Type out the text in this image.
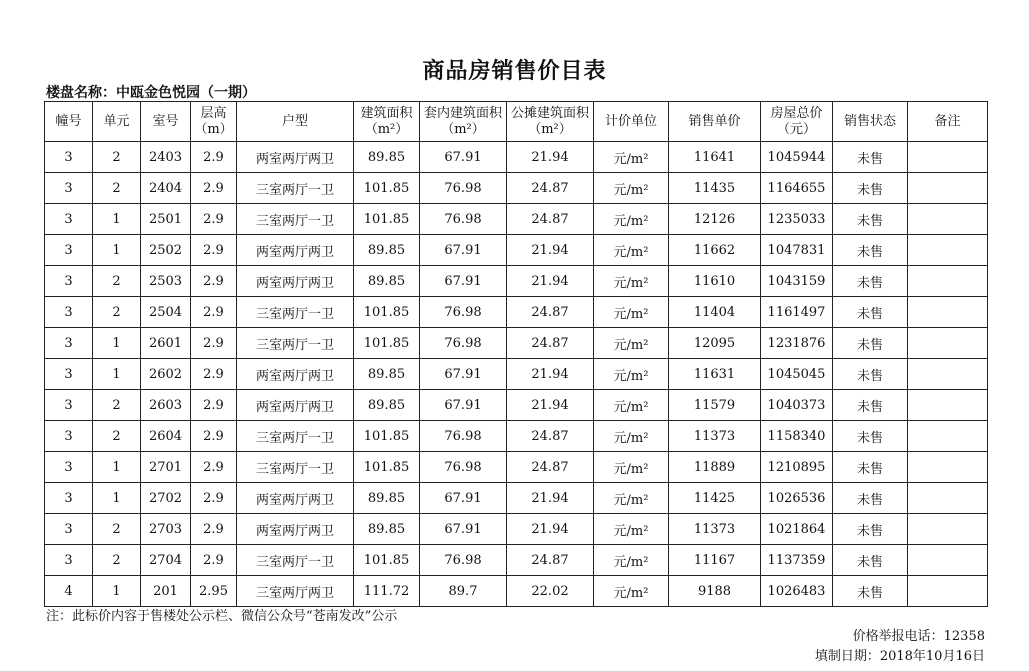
商品房销售价目表
楼盘名称：中瓯金色悦园（一期）
幢号	单元	室号	层高（m）	户型	建筑面积（m²）	套内建筑面积（m²）	公摊建筑面积（m²）	计价单位	销售单价	房屋总价（元）	销售状态	备注
3	2	2403	2.9	两室两厅两卫	89.85	67.91	21.94	元/m²	11641	1045944	未售	
3	2	2404	2.9	三室两厅一卫	101.85	76.98	24.87	元/m²	11435	1164655	未售	
3	1	2501	2.9	三室两厅一卫	101.85	76.98	24.87	元/m²	12126	1235033	未售	
3	1	2502	2.9	两室两厅两卫	89.85	67.91	21.94	元/m²	11662	1047831	未售	
3	2	2503	2.9	两室两厅两卫	89.85	67.91	21.94	元/m²	11610	1043159	未售	
3	2	2504	2.9	三室两厅一卫	101.85	76.98	24.87	元/m²	11404	1161497	未售	
3	1	2601	2.9	三室两厅一卫	101.85	76.98	24.87	元/m²	12095	1231876	未售	
3	1	2602	2.9	两室两厅两卫	89.85	67.91	21.94	元/m²	11631	1045045	未售	
3	2	2603	2.9	两室两厅两卫	89.85	67.91	21.94	元/m²	11579	1040373	未售	
3	2	2604	2.9	三室两厅一卫	101.85	76.98	24.87	元/m²	11373	1158340	未售	
3	1	2701	2.9	三室两厅一卫	101.85	76.98	24.87	元/m²	11889	1210895	未售	
3	1	2702	2.9	两室两厅两卫	89.85	67.91	21.94	元/m²	11425	1026536	未售	
3	2	2703	2.9	两室两厅两卫	89.85	67.91	21.94	元/m²	11373	1021864	未售	
3	2	2704	2.9	三室两厅一卫	101.85	76.98	24.87	元/m²	11167	1137359	未售	
4	1	201	2.95	三室两厅两卫	111.72	89.7	22.02	元/m²	9188	1026483	未售	
注：此标价内容于售楼处公示栏、微信公众号“苍南发改”公示
价格举报电话：12358
填制日期：2018年10月16日
